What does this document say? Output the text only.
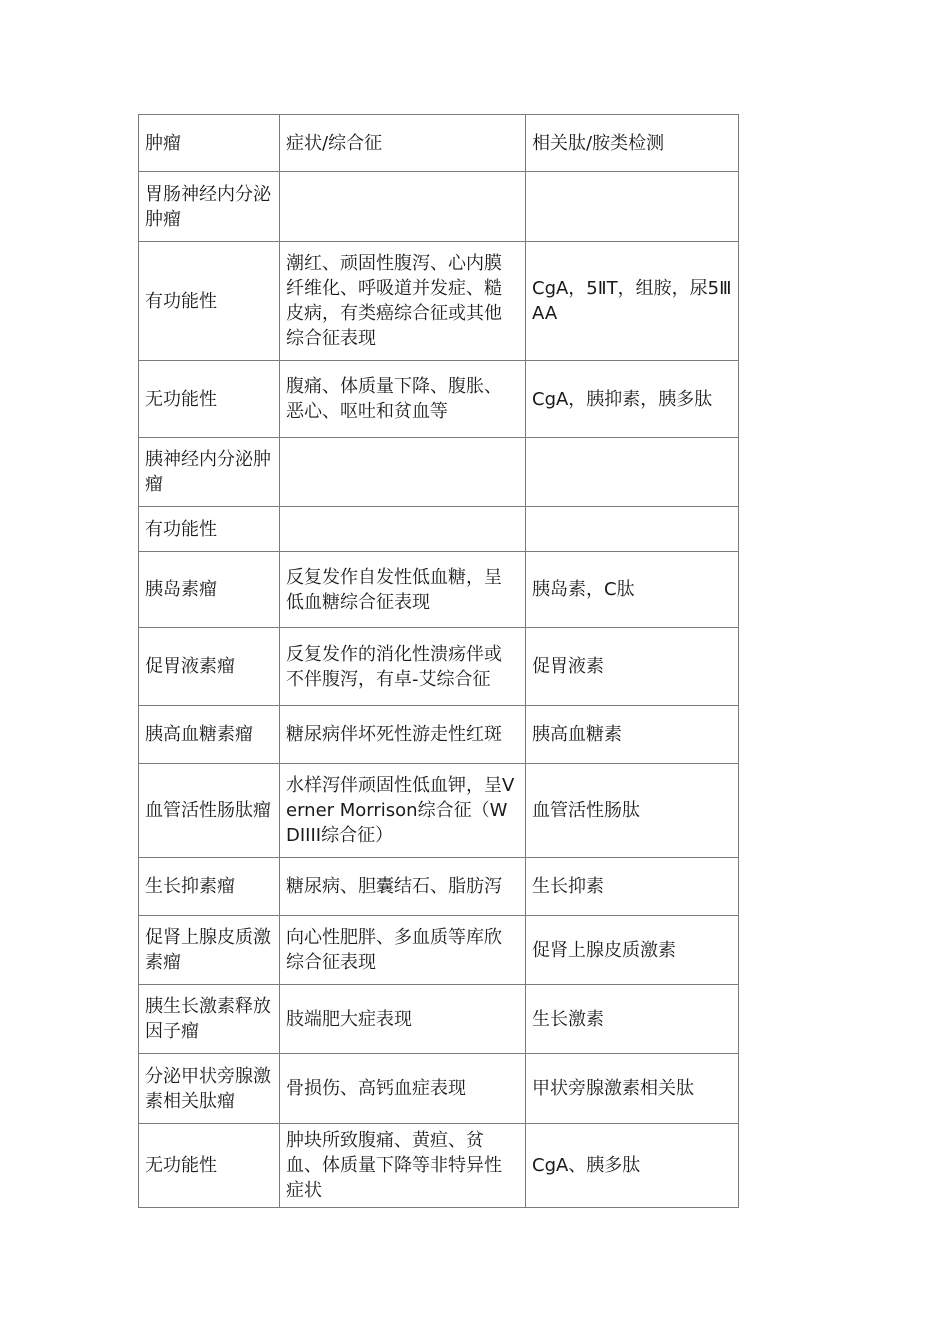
肿瘤	症状/综合征	相关肽/胺类检测
胃肠神经内分泌肿瘤		
有功能性	潮红、顽固性腹泻、心内膜纤维化、呼吸道并发症、糙皮病，有类癌综合征或其他综合征表现	CgA，5ⅡT，组胺，尿5ⅢAA
无功能性	腹痛、体质量下降、腹胀、恶心、呕吐和贫血等	CgA，胰抑素，胰多肽
胰神经内分泌肿瘤		
有功能性		
胰岛素瘤	反复发作自发性低血糖，呈低血糖综合征表现	胰岛素，C肽
促胃液素瘤	反复发作的消化性溃疡伴或不伴腹泻，有卓-艾综合征	促胃液素
胰高血糖素瘤	糖尿病伴坏死性游走性红斑	胰高血糖素
血管活性肠肽瘤	水样泻伴顽固性低血钾，呈Verner Morrison综合征（WDIIII综合征）	血管活性肠肽
生长抑素瘤	糖尿病、胆囊结石、脂肪泻	生长抑素
促肾上腺皮质激素瘤	向心性肥胖、多血质等库欣综合征表现	促肾上腺皮质激素
胰生长激素释放因子瘤	肢端肥大症表现	生长激素
分泌甲状旁腺激素相关肽瘤	骨损伤、高钙血症表现	甲状旁腺激素相关肽
无功能性	肿块所致腹痛、黄疸、贫血、体质量下降等非特异性症状	CgA、胰多肽
